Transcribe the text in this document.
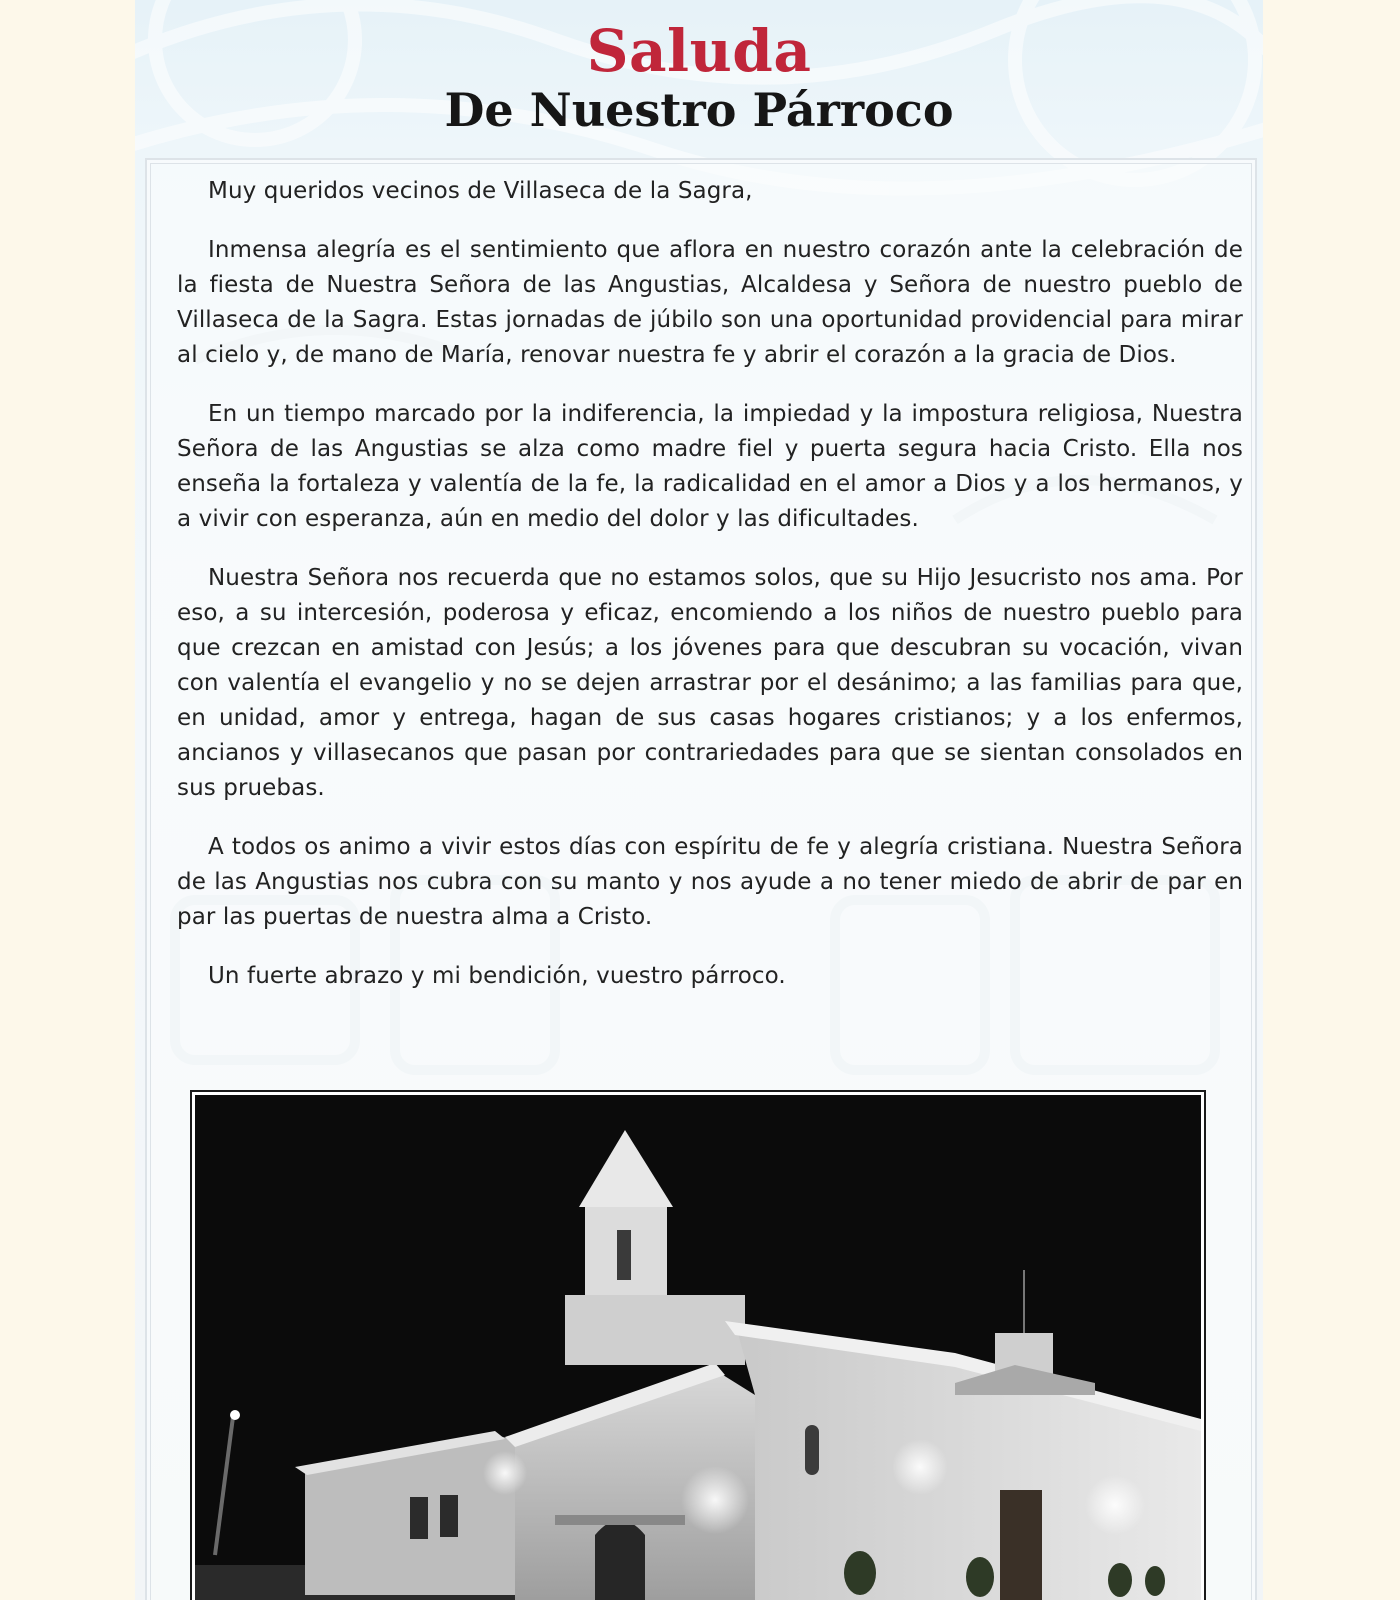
Saluda
De Nuestro Párroco

Muy queridos vecinos de Villaseca de la Sagra,

Inmensa alegría es el sentimiento que aflora en nuestro corazón ante la celebración de la fiesta de Nuestra Señora de las Angustias, Alcaldesa y Señora de nuestro pueblo de Villaseca de la Sagra. Estas jornadas de júbilo son una oportunidad providencial para mirar al cielo y, de mano de María, renovar nuestra fe y abrir el corazón a la gracia de Dios.

En un tiempo marcado por la indiferencia, la impiedad y la impostura religiosa, Nuestra Señora de las Angustias se alza como madre fiel y puerta segura hacia Cristo. Ella nos enseña la fortaleza y valentía de la fe, la radicalidad en el amor a Dios y a los hermanos, y a vivir con esperanza, aún en medio del dolor y las dificultades.

Nuestra Señora nos recuerda que no estamos solos, que su Hijo Jesucristo nos ama. Por eso, a su intercesión, poderosa y eficaz, encomiendo a los niños de nuestro pueblo para que crezcan en amistad con Jesús; a los jóvenes para que descubran su vocación, vivan con valentía el evangelio y no se dejen arrastrar por el desánimo; a las familias para que, en unidad, amor y entrega, hagan de sus casas hogares cristianos; y a los enfermos, ancianos y villasecanos que pasan por contrariedades para que se sientan consolados en sus pruebas.

A todos os animo a vivir estos días con espíritu de fe y alegría cristiana. Nuestra Señora de las Angustias nos cubra con su manto y nos ayude a no tener miedo de abrir de par en par las puertas de nuestra alma a Cristo.

Un fuerte abrazo y mi bendición, vuestro párroco.
